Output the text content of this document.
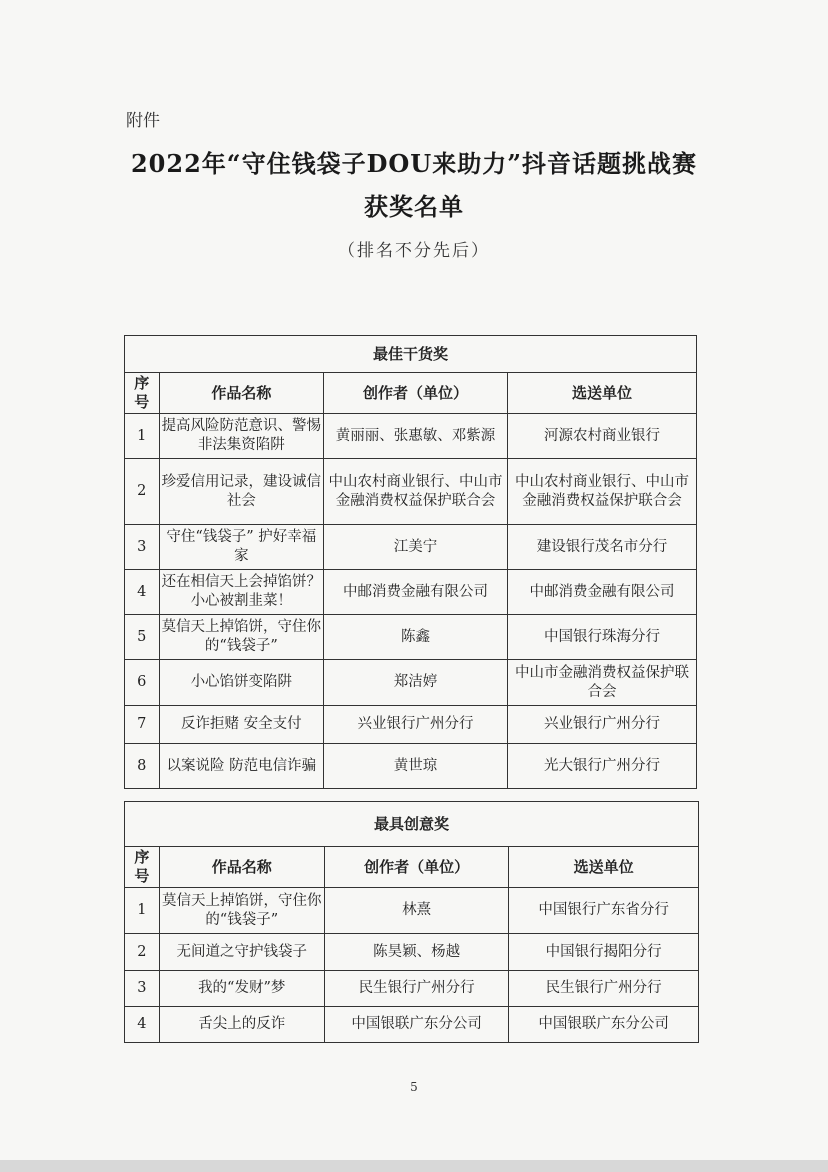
附件
2022年“守住钱袋子DOU来助力”抖音话题挑战赛
获奖名单
（排名不分先后）
最佳干货奖			
序号	作品名称	创作者（单位）	选送单位
1	提高风险防范意识、警惕非法集资陷阱	黄丽丽、张惠敏、邓紫源	河源农村商业银行
2	珍爱信用记录，建设诚信社会	中山农村商业银行、中山市金融消费权益保护联合会	中山农村商业银行、中山市金融消费权益保护联合会
3	守住“钱袋子” 护好幸福家	江美宁	建设银行茂名市分行
4	还在相信天上会掉馅饼？小心被割韭菜！	中邮消费金融有限公司	中邮消费金融有限公司
5	莫信天上掉馅饼，守住你的“钱袋子”	陈鑫	中国银行珠海分行
6	小心馅饼变陷阱	郑洁婷	中山市金融消费权益保护联合会
7	反诈拒赌 安全支付	兴业银行广州分行	兴业银行广州分行
8	以案说险 防范电信诈骗	黄世琼	光大银行广州分行
最具创意奖			
序号	作品名称	创作者（单位）	选送单位
1	莫信天上掉馅饼，守住你的“钱袋子”	林熹	中国银行广东省分行
2	无间道之守护钱袋子	陈昊颖、杨越	中国银行揭阳分行
3	我的“发财”梦	民生银行广州分行	民生银行广州分行
4	舌尖上的反诈	中国银联广东分公司	中国银联广东分公司
5
